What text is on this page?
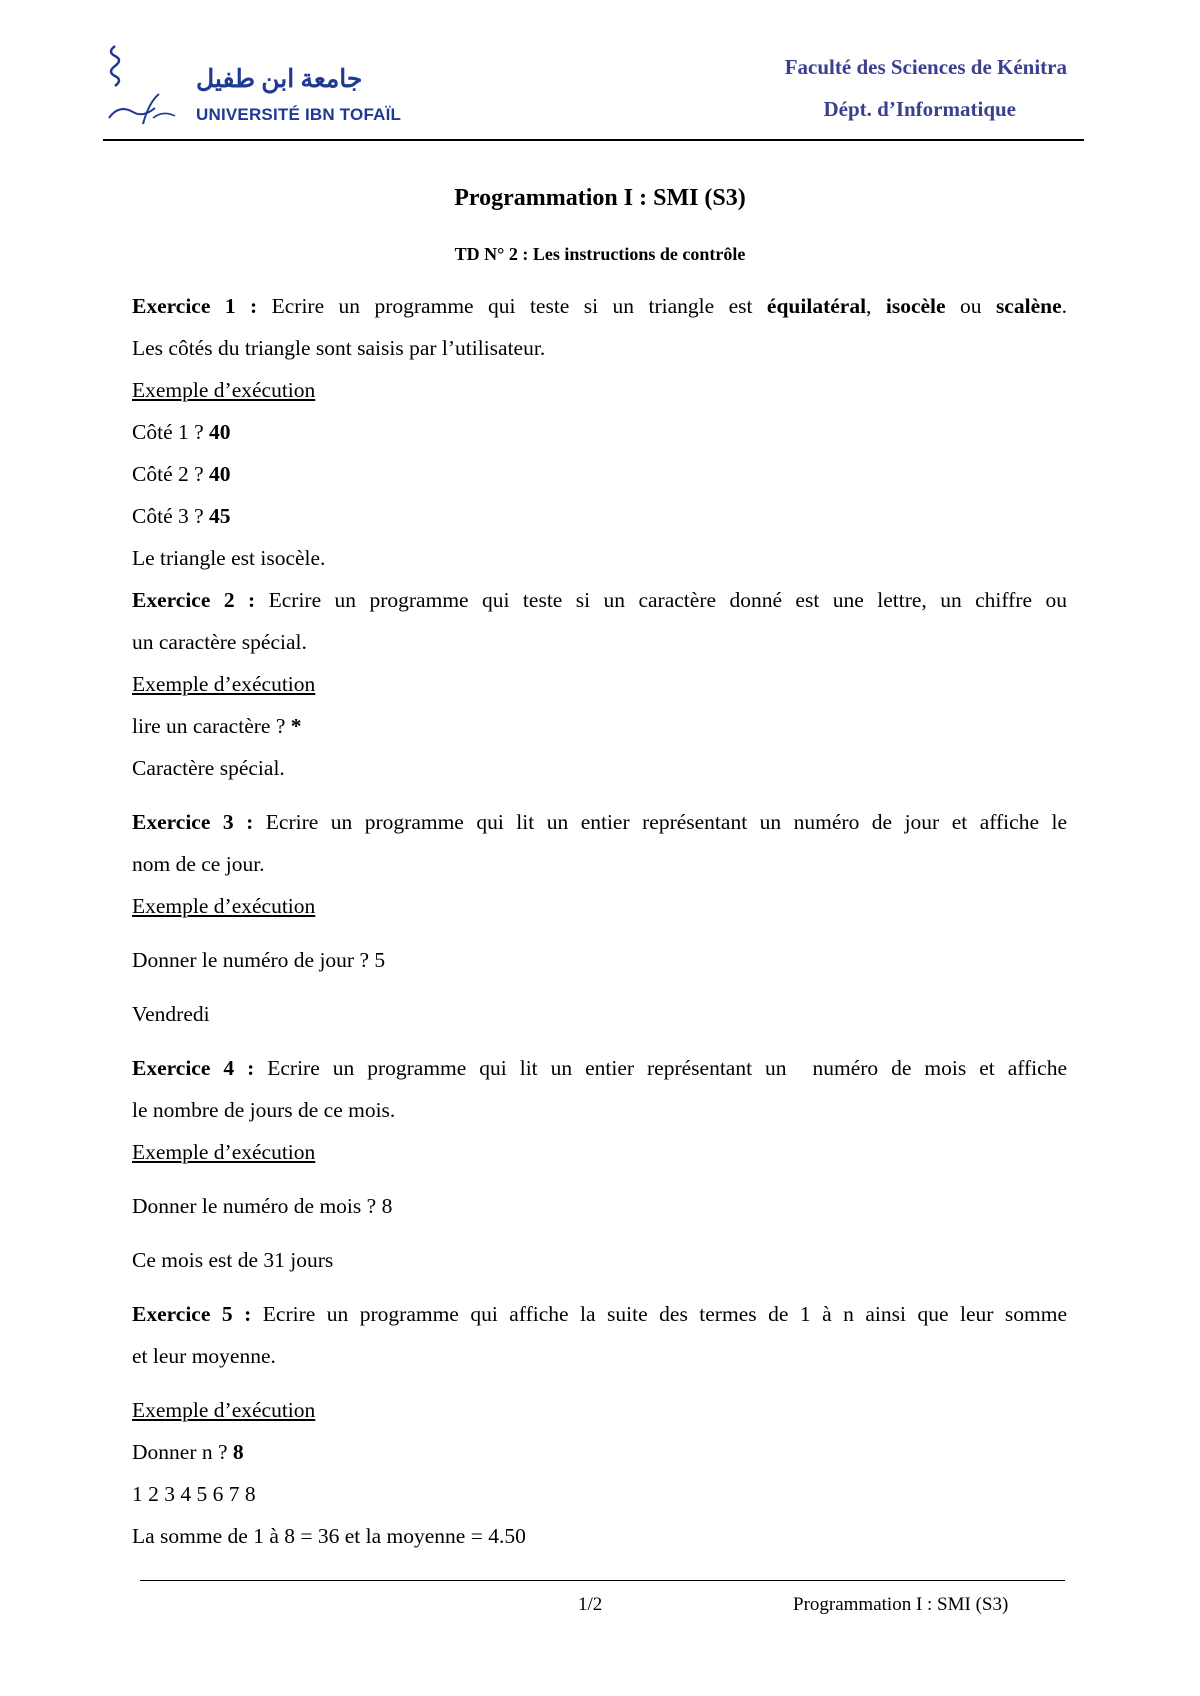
جامعة ابن طفيل
UNIVERSITÉ IBN TOFAÏL
Faculté des Sciences de Kénitra
Dépt. d’Informatique
Programmation I : SMI (S3)
TD N° 2 : Les instructions de contrôle
Exercice 1 : Ecrire un programme qui teste si un triangle est équilatéral, isocèle ou scalène.
Les côtés du triangle sont saisis par l’utilisateur.
Exemple d’exécution
Côté 1 ? 40
Côté 2 ? 40
Côté 3 ? 45
Le triangle est isocèle.
Exercice 2 : Ecrire un programme qui teste si un caractère donné est une lettre, un chiffre ou
un caractère spécial.
Exemple d’exécution
lire un caractère ? *
Caractère spécial.
Exercice 3 : Ecrire un programme qui lit un entier représentant un numéro de jour et affiche le
nom de ce jour.
Exemple d’exécution
Donner le numéro de jour ? 5
Vendredi
Exercice 4 : Ecrire un programme qui lit un entier représentant un  numéro de mois et affiche
le nombre de jours de ce mois.
Exemple d’exécution
Donner le numéro de mois ? 8
Ce mois est de 31 jours
Exercice 5 : Ecrire un programme qui affiche la suite des termes de 1 à n ainsi que leur somme
et leur moyenne.
Exemple d’exécution
Donner n ? 8
1 2 3 4 5 6 7 8
La somme de 1 à 8 = 36 et la moyenne = 4.50
1/2	Programmation I : SMI (S3)
